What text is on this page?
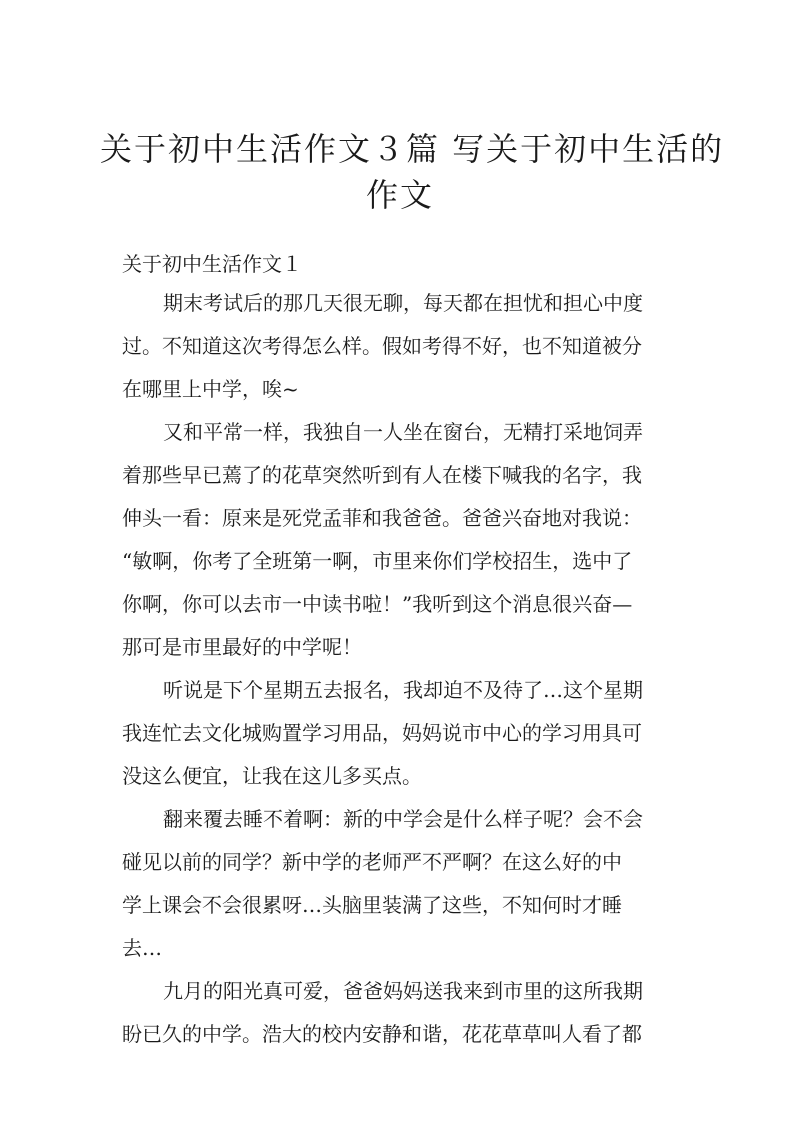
关于初中生活作文３篇 写关于初中生活的
作文

关于初中生活作文１

期末考试后的那几天很无聊，每天都在担忧和担心中度

过。不知道这次考得怎么样。假如考得不好，也不知道被分

在哪里上中学，唉~

又和平常一样，我独自一人坐在窗台，无精打采地饲弄

着那些早已蔫了的花草突然听到有人在楼下喊我的名字，我

伸头一看：原来是死党孟菲和我爸爸。爸爸兴奋地对我说：

“敏啊，你考了全班第一啊，市里来你们学校招生，选中了

你啊，你可以去市一中读书啦！”我听到这个消息很兴奋—

那可是市里最好的中学呢！

听说是下个星期五去报名，我却迫不及待了…这个星期

我连忙去文化城购置学习用品，妈妈说市中心的学习用具可

没这么便宜，让我在这儿多买点。

翻来覆去睡不着啊：新的中学会是什么样子呢？会不会

碰见以前的同学？新中学的老师严不严啊？在这么好的中

学上课会不会很累呀…头脑里装满了这些，不知何时才睡

去…

九月的阳光真可爱，爸爸妈妈送我来到市里的这所我期

盼已久的中学。浩大的校内安静和谐，花花草草叫人看了都
